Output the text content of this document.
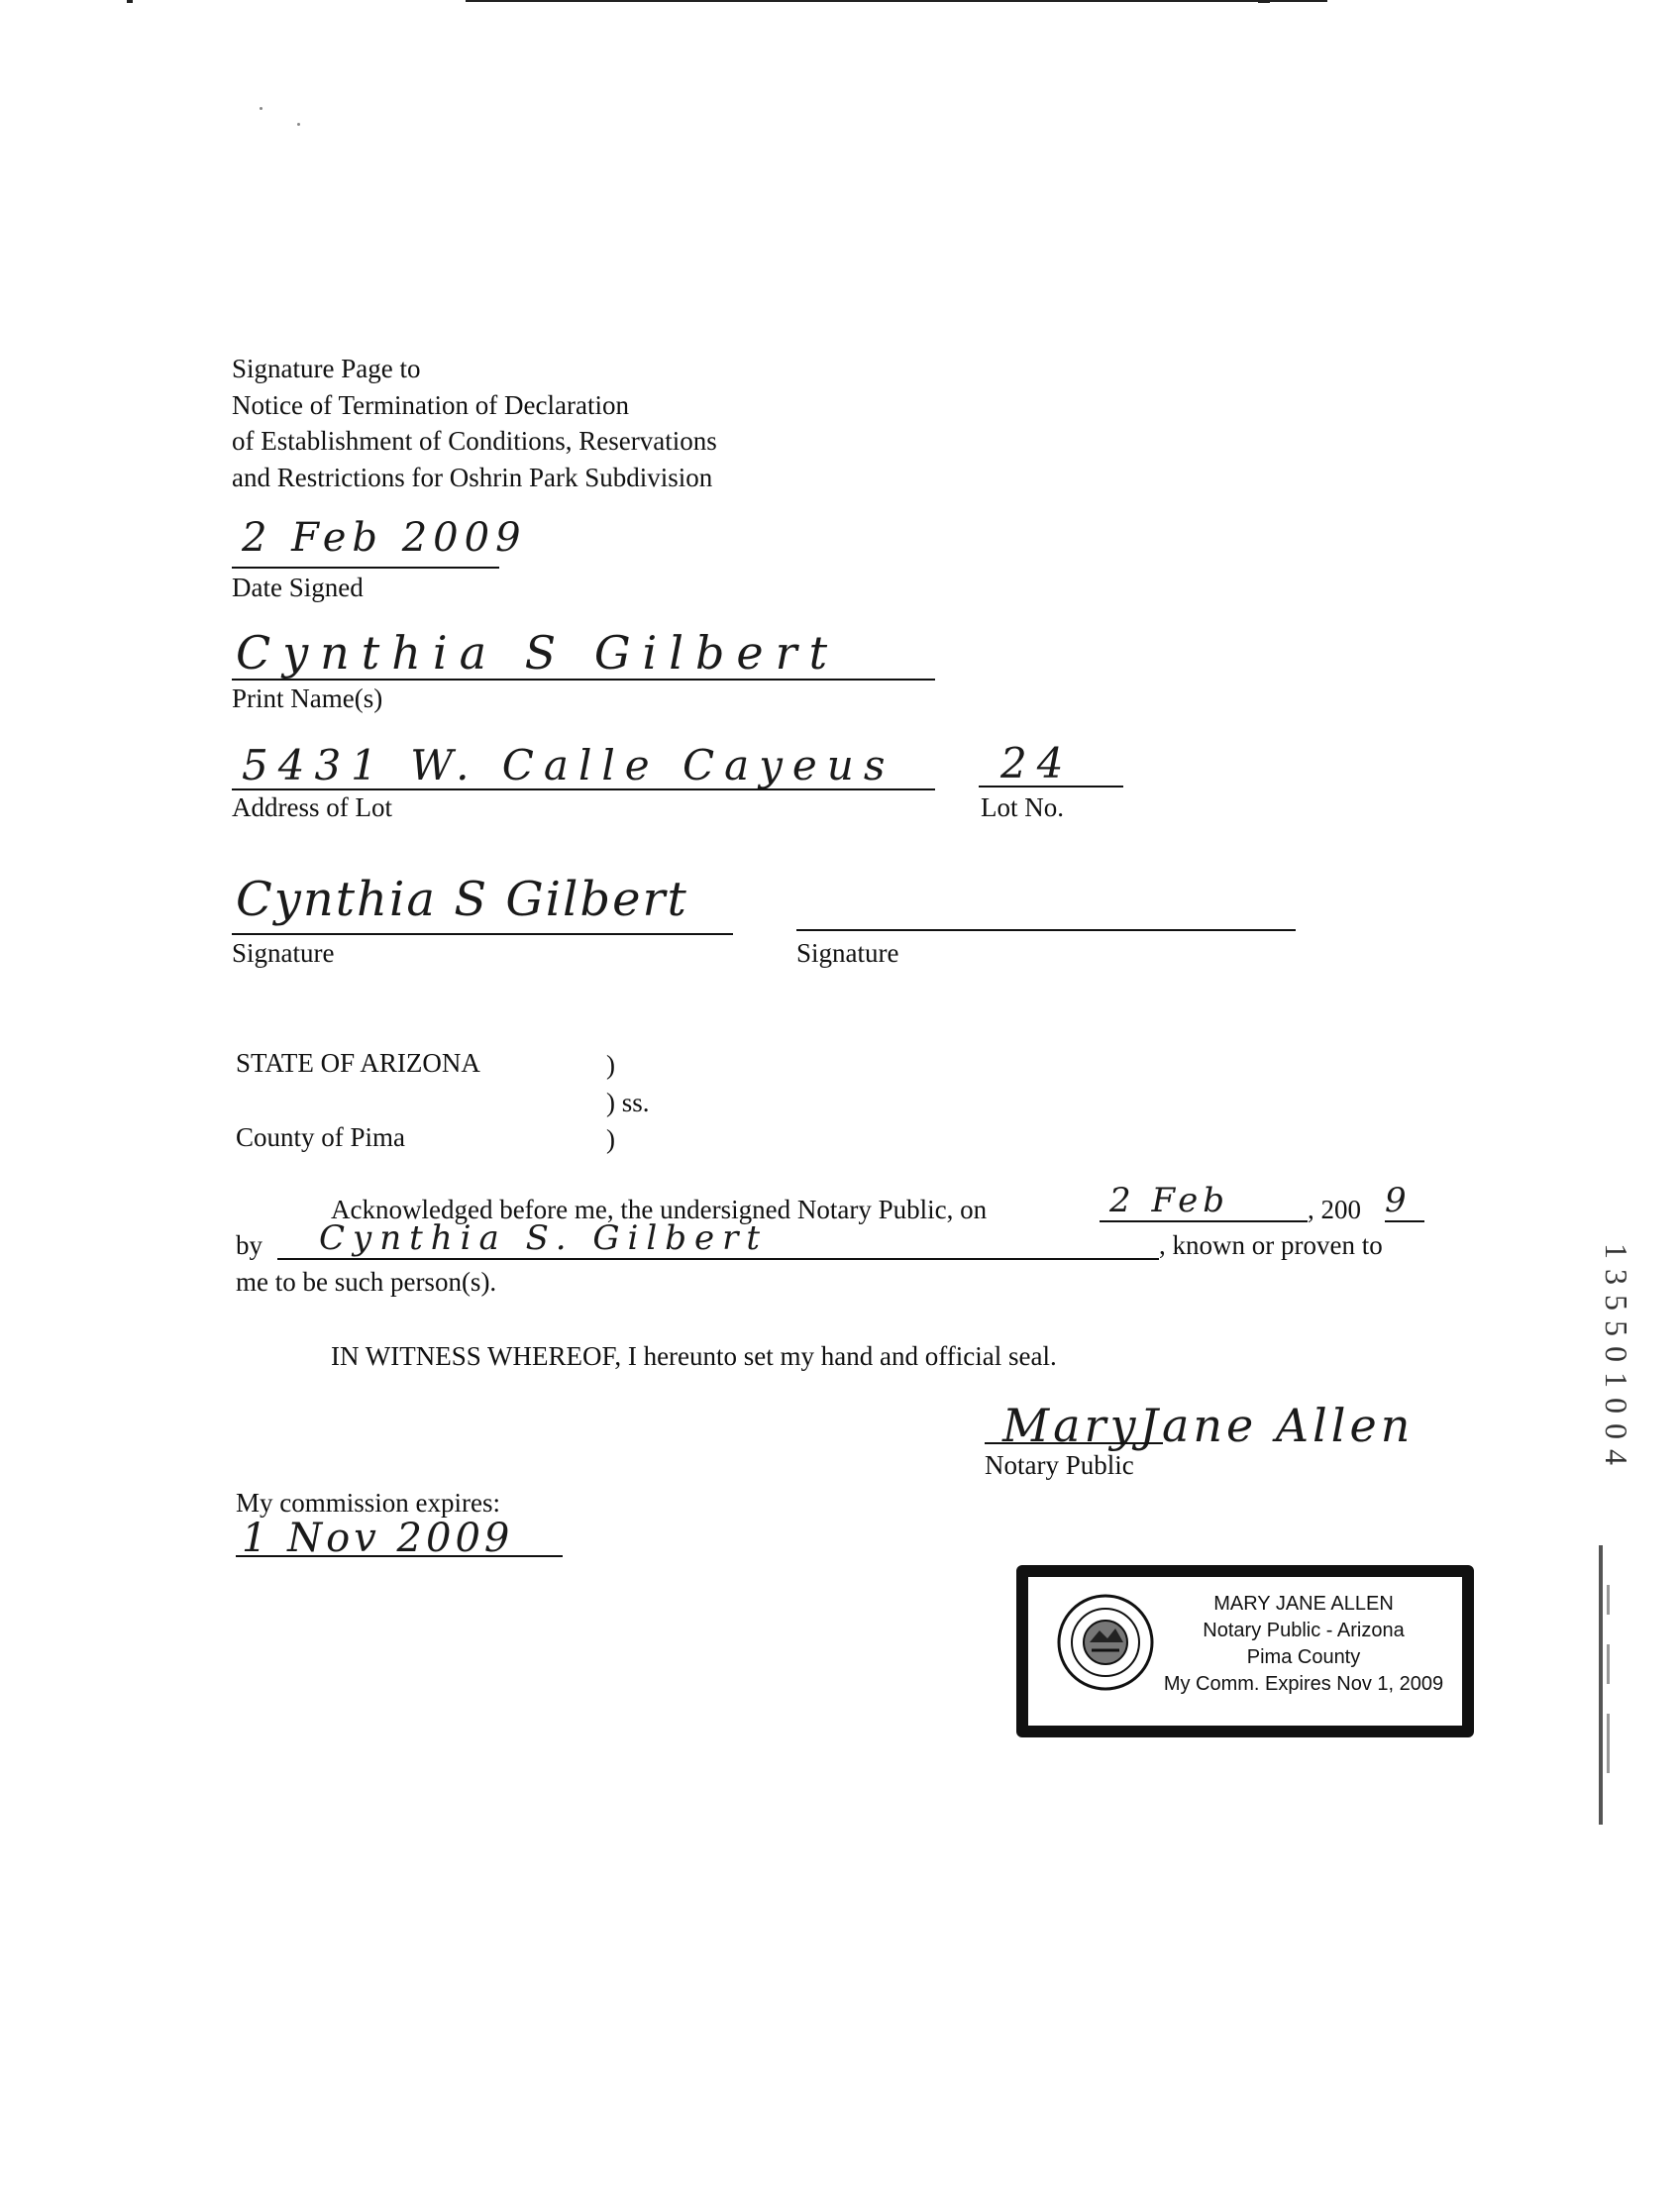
Signature Page to
Notice of Termination of Declaration
of Establishment of Conditions, Reservations
and Restrictions for Oshrin Park Subdivision
2 Feb 2009
Date Signed
Cynthia S Gilbert
Print Name(s)
5431 W. Calle Cayeus
Address of Lot
24
Lot No.
Cynthia S Gilbert
Signature	Signature
STATE OF ARIZONA	)
) ss.
County of Pima	)
Acknowledged before me, the undersigned Notary Public, on	2 Feb	, 200 9
by Cynthia S. Gilbert	, known or proven to
me to be such person(s).
IN WITNESS WHEREOF, I hereunto set my hand and official seal.
MaryJane Allen
Notary Public
My commission expires:
1 Nov 2009
MARY JANE ALLEN
Notary Public - Arizona
Pima County
My Comm. Expires Nov 1, 2009
1
3
5
5
0
1
0
0
4
